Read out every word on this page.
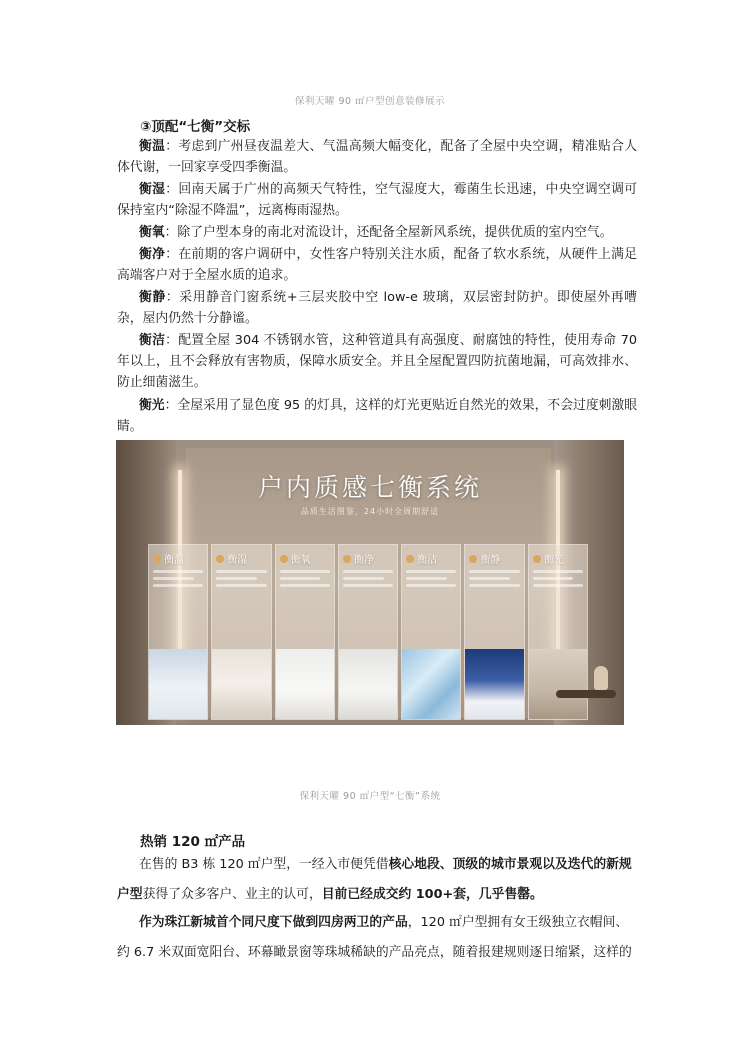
保利天曜 90 ㎡户型创意装修展示
③顶配“七衡”交标
衡温：考虑到广州昼夜温差大、气温高频大幅变化，配备了全屋中央空调，精准贴合人体代谢，一回家享受四季衡温。
衡湿：回南天属于广州的高频天气特性，空气湿度大，霉菌生长迅速，中央空调空调可保持室内“除湿不降温”，远离梅雨湿热。
衡氧：除了户型本身的南北对流设计，还配备全屋新风系统，提供优质的室内空气。
衡净：在前期的客户调研中，女性客户特别关注水质，配备了软水系统，从硬件上满足高端客户对于全屋水质的追求。
衡静：采用静音门窗系统+三层夹胶中空 low-e 玻璃，双层密封防护。即使屋外再嘈杂，屋内仍然十分静谧。
衡洁：配置全屋 304 不锈钢水管，这种管道具有高强度、耐腐蚀的特性，使用寿命 70 年以上，且不会释放有害物质，保障水质安全。并且全屋配置四防抗菌地漏，可高效排水、防止细菌滋生。
衡光：全屋采用了显色度 95 的灯具，这样的灯光更贴近自然光的效果，不会过度刺激眼睛。
户内质感七衡系统
品质生活图鉴，24小时全周期舒适
衡温	衡湿	衡氧	衡净	衡洁	衡静	衡光
保利天曜 90 ㎡户型“七衡”系统
热销 120 ㎡产品
在售的 B3 栋 120 ㎡户型，一经入市便凭借核心地段、顶级的城市景观以及迭代的新规户型获得了众多客户、业主的认可，目前已经成交约 100+套，几乎售罄。
作为珠江新城首个同尺度下做到四房两卫的产品，120 ㎡户型拥有女王级独立衣帽间、约 6.7 米双面宽阳台、环幕瞰景窗等珠城稀缺的产品亮点，随着报建规则逐日缩紧，这样的
